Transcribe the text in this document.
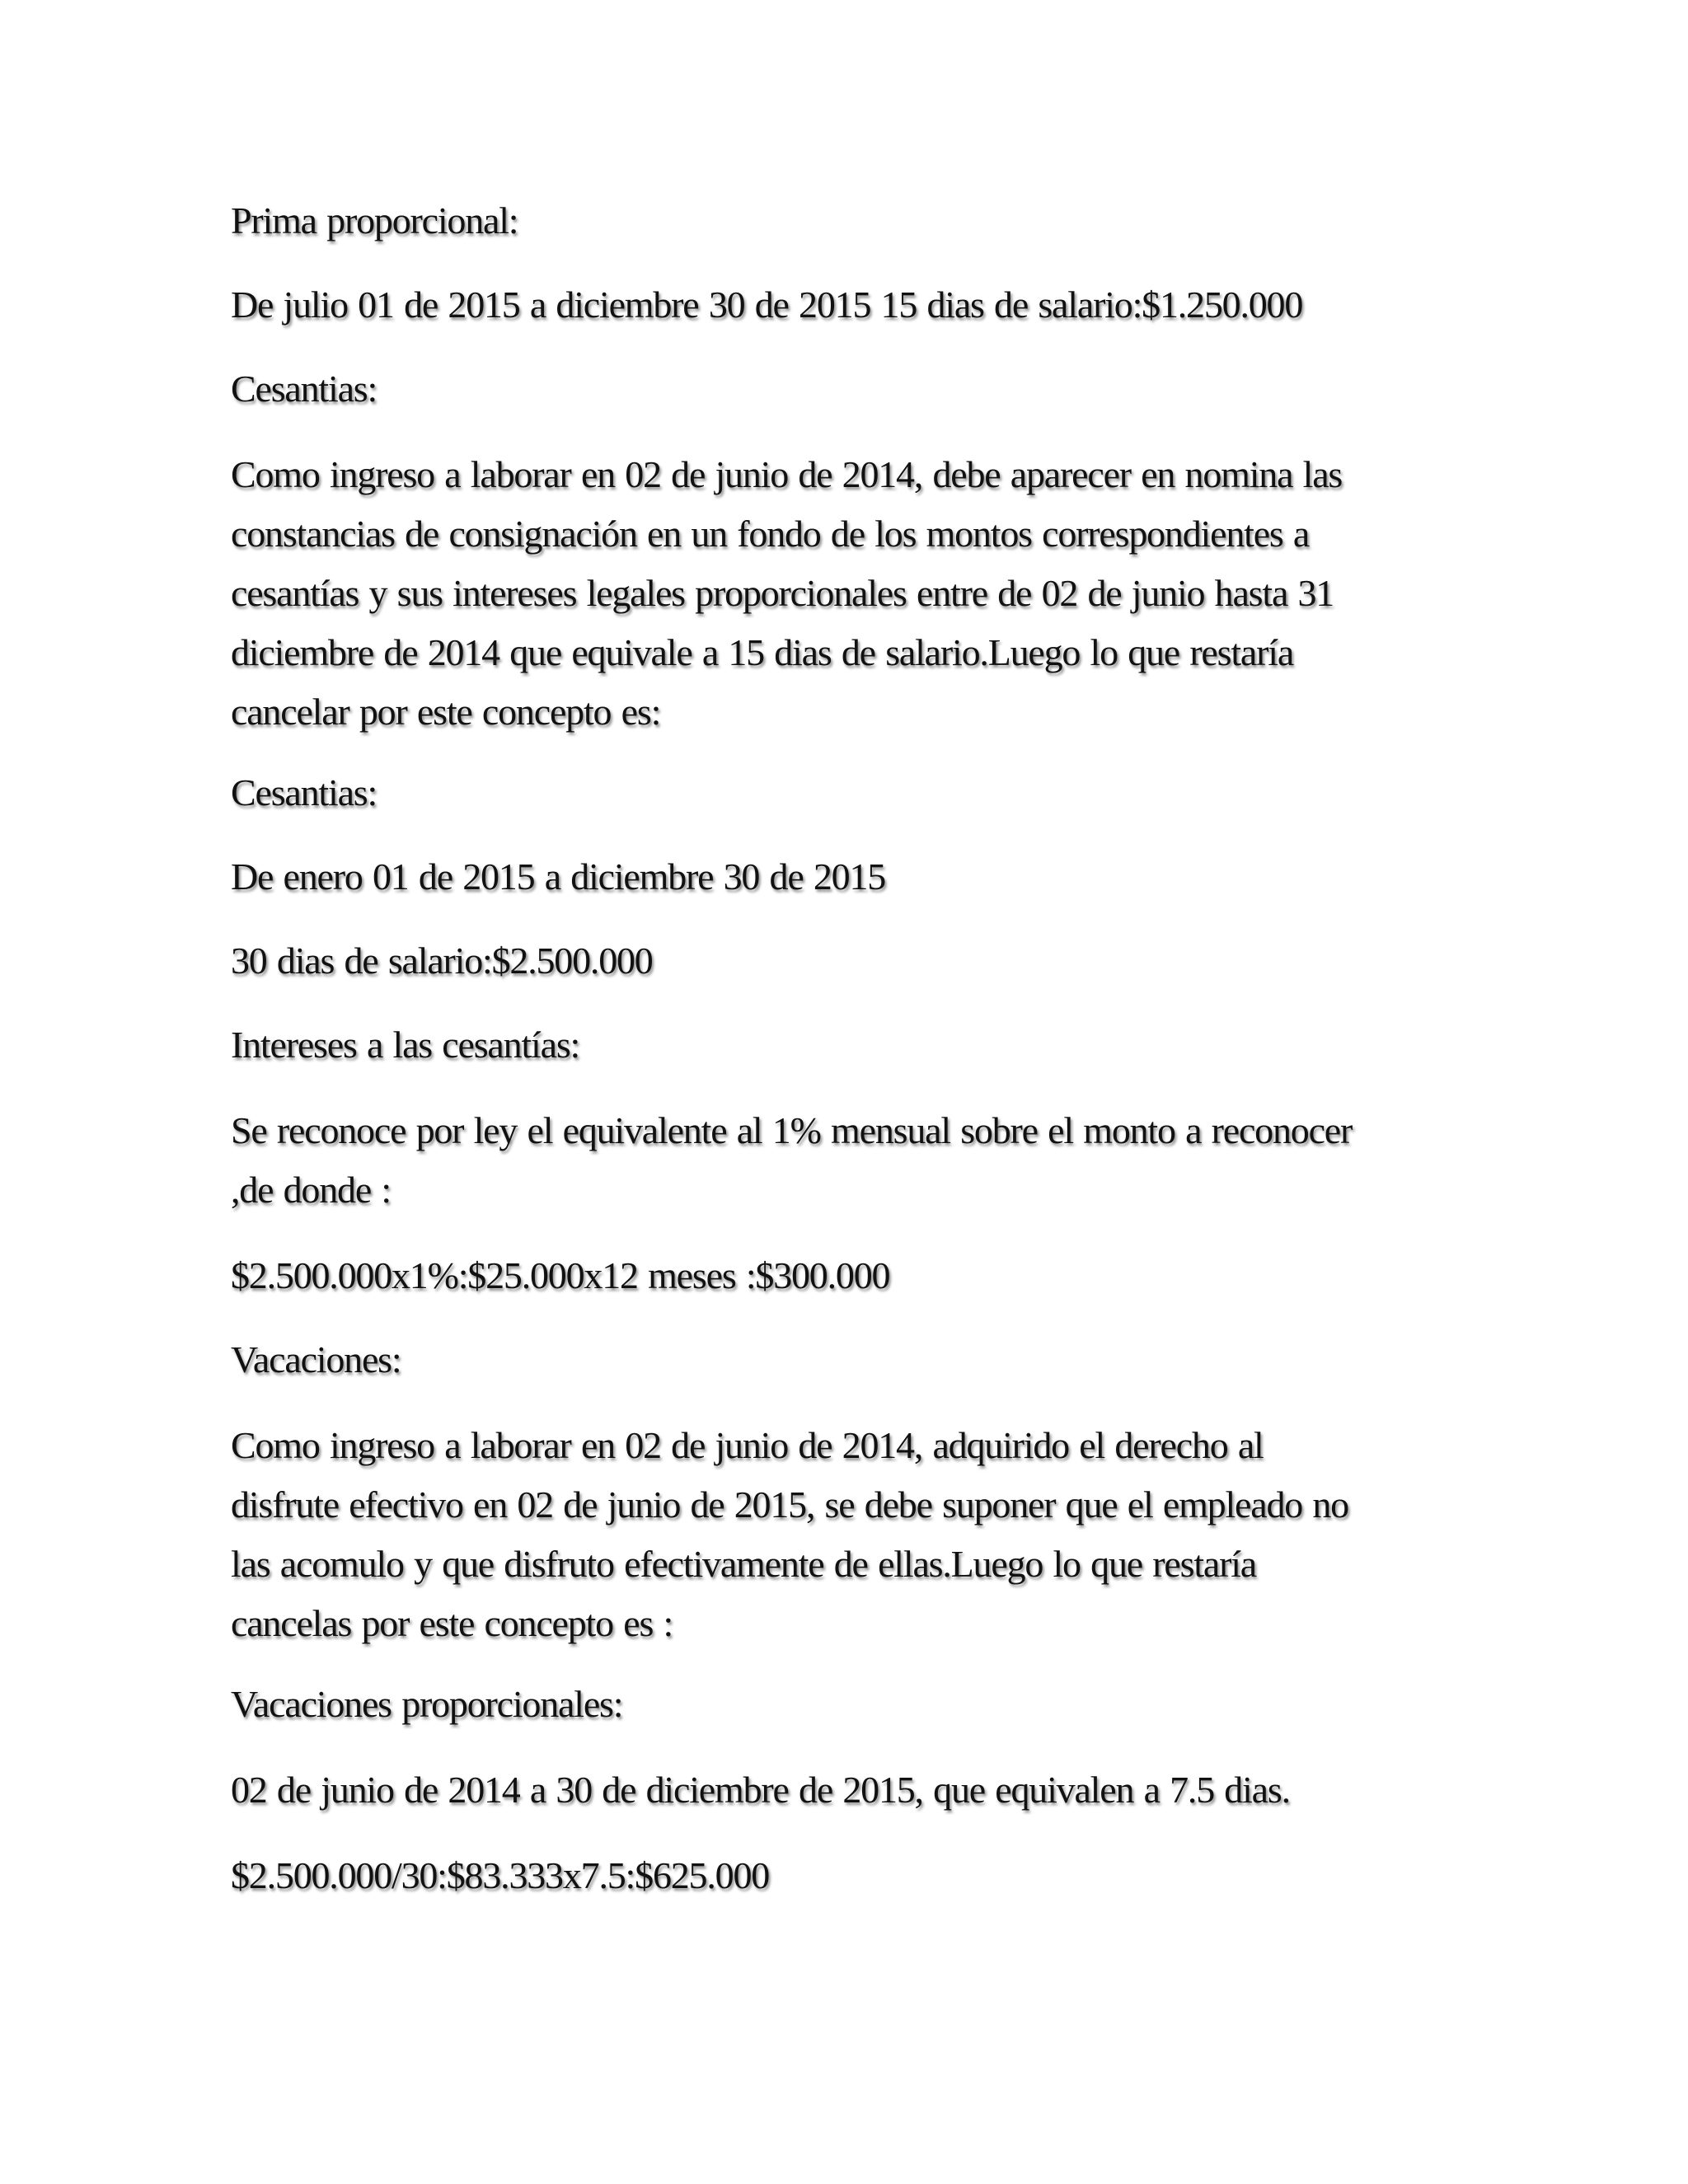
Prima proporcional:

De julio 01 de 2015 a diciembre 30 de 2015 15 dias de salario:$1.250.000

Cesantias:

Como ingreso a laborar en 02 de junio de 2014, debe aparecer en nomina las
constancias de consignación en un fondo de los montos correspondientes a
cesantías y sus intereses legales proporcionales entre de 02 de junio hasta 31
diciembre de 2014 que equivale a 15 dias de salario.Luego lo que restaría
cancelar por este concepto es:

Cesantias:

De enero 01 de 2015 a diciembre 30 de 2015

30 dias de salario:$2.500.000

Intereses a las cesantías:

Se reconoce por ley el equivalente al 1% mensual sobre el monto a reconocer
,de donde :

$2.500.000x1%:$25.000x12 meses :$300.000

Vacaciones:

Como ingreso a laborar en 02 de junio de 2014, adquirido el derecho al
disfrute efectivo en 02 de junio de 2015, se debe suponer que el empleado no
las acomulo y que disfruto efectivamente de ellas.Luego lo que restaría
cancelas por este concepto es :

Vacaciones proporcionales:

02 de junio de 2014 a 30 de diciembre de 2015, que equivalen a 7.5 dias.

$2.500.000/30:$83.333x7.5:$625.000
